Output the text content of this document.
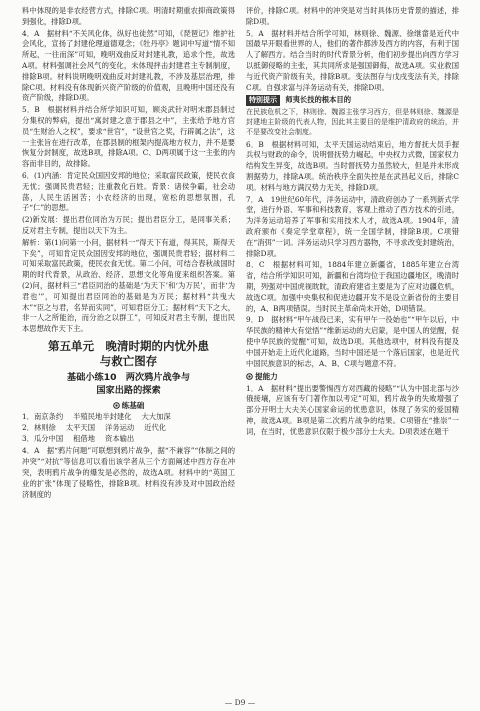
料中体现的是非农经营方式，排除C项。明清时期重农抑商政策得到强化，排除D项。

4．A　据材料“不关风化体，纵好也徒然”可知，《琵琶记》维护社会风化，宣扬了封建伦理道德观念；《牡丹亭》题词中写道“情不知所起，一往而深”可知，晚明戏曲反对封建礼教，追求个性，故选A项。材料强调社会风气的变化，未体现抨击封建君主专制制度，排除B项。材料说明晚明戏曲反对封建礼教，不涉及基层治理，排除C项。材料没有体现新兴资产阶级的价值观，且晚明中国还没有资产阶级，排除D项。

5．B　根据材料并结合所学知识可知，顾炎武针对明末郡县制过分集权的弊病，提出“寓封建之意于郡县之中”，主张给予地方官员“生财治人之权”，要求“世官”，“设世官之奖，行辟属之法”，这一主张旨在进行改革，在郡县制的框架内提高地方权力，并不是要恢复分封制度，故选B项，排除A项。C、D两项属于这一主张的内容而非目的，故排除。

6．(1)内涵：肯定民众国因安邦的地位；采取富民政策，使民衣食无忧；强调民贵君轻；注重教化百姓。背景：诸侯争霸，社会动荡，人民生活困苦；小农经济的出现，宽松的思想氛围，孔子“仁”的思想。

(2)新发展：提出君位同治为万民；提出君臣分工，是同事关系；反对君主专制，提出以天下为主。

解析：第(1)问第一小问，据材料一“得天下有道，得其民，斯得天下矣”，可知肯定民众国因安邦的地位，强调民贵君轻；据材料二可知采取富民政策，使民衣食无忧。第二小问，可结合春秋战国时期的时代背景，从政治、经济、思想文化等角度来组织答案。第(2)问，据材料三“君臣同治的基础是‘为天下’和‘为万民’，而非‘为君也’”，可知提出君臣同治的基础是为万民；据材料“共曳大木”“臣之与君，名异而实同”，可知君臣分工；据材料“天下之大，非一人之所能治，而分治之以群工”，可知反对君主专制，提出民本思想故作天下主。

第五单元　晚清时期的内忧外患
与救亡图存
基础小练10　两次鸦片战争与
国家出路的探索
练基础
1．南京条约 半殖民地半封建化 大大加深
2．林则徐 太平天国 洋务运动 近代化
3．瓜分中国 租借地 资本输出

4．A　据“鸦片问题”可联想到鸦片战争，据“不兼容”“体制之间的冲突”“对抗”等信息可以看出该学者从三个方面阐述中西方存在冲突，表明鸦片战争的爆发是必然的，故选A项。材料中的“英国工业的扩张”体现了侵略性，排除B项。材料没有涉及对中国政治经济制度的

评价，排除C项。材料中的冲突是对当时具体历史背景的描述，排除D项。

5．A　据材料并结合所学可知，林则徐、魏源、徐继畲是近代中国最早开眼看世界的人，他们的著作都涉及西方的内容，有利于国人了解西方。结合当时的时代背景分析，他们初步提出向西方学习以抵御侵略的主张，其共同所求是强国御侮，故选A项。实业救国与近代资产阶级有关，排除B项。变法图存与戊戌变法有关，排除C项。自强求富与洋务运动有关，排除D项。

特别提示 师夷长技的根本目的
在民族危机之下，林则徐、魏源主张学习西方，但是林则徐、魏源是封建地主阶级的代表人物，因此其主要目的是维护清政府的统治，并不是要改变社会制度。

6．B　根据材料可知，太平天国运动结束后，地方督抚大员手握兵权与财政的命令，说明督抚势力崛起，中央权力式微，国家权力结构发生异变，故选B项。当时督抚势力虽然较大，但是并未形成割据势力，排除A项。统治秩序全面失控是在武昌起义后，排除C项。材料与地方满汉势力无关，排除D项。

7．A　19世纪60年代，洋务运动中，清政府创办了一系列新式学堂，进行外语、军事和科技教育，客观上推动了西方技术的引进，为洋务运动培养了军事和实用技术人才，故选A项。1904年，清政府颁布《奏定学堂章程》，统一全国学制，排除B项。C项错在“消弭”一词。洋务运动只学习西方器物，不寻求改变封建统治，排除D项。

8．C　根据材料可知，1884年建立新疆省，1885年建立台湾省，结合所学知识可知，新疆和台湾均位于我国边疆地区，晚清时期，列强对中国虎视眈眈，清政府建省主要是为了应对边疆危机，故选C项。加强中央集权和促进边疆开发不是设立新省份的主要目的，A、B两项错误。当时民主革命尚未开始，D项错误。

9．D　据材料“甲午战役已来，实有甲午一役始也”“甲午以后，中华民族的精神大有觉悟”“维新运动的大启蒙，是中国人的觉醒，促使中华民族的觉醒”可知，故选D项。其他选项中，材料没有提及中国开始走上近代化道路，当时中国还是一个落后国家，也是近代中国民族意识的标志，A、B、C项与题意不符。

提能力

1．A　据材料“提出要警惕西方对西藏的侵略”“认为中国北部与沙俄接壤，应该有专门著作加以考定”可知，鸦片战争的失败增强了部分开明士大夫关心国家命运的忧患意识，体现了务实的爱国精神，故选A项。B项是第二次鸦片战争的结果。C项错在“推崇”一词，在当时，忧患意识仅限于极少部分士大夫。D项表述在题干

— D9 —
